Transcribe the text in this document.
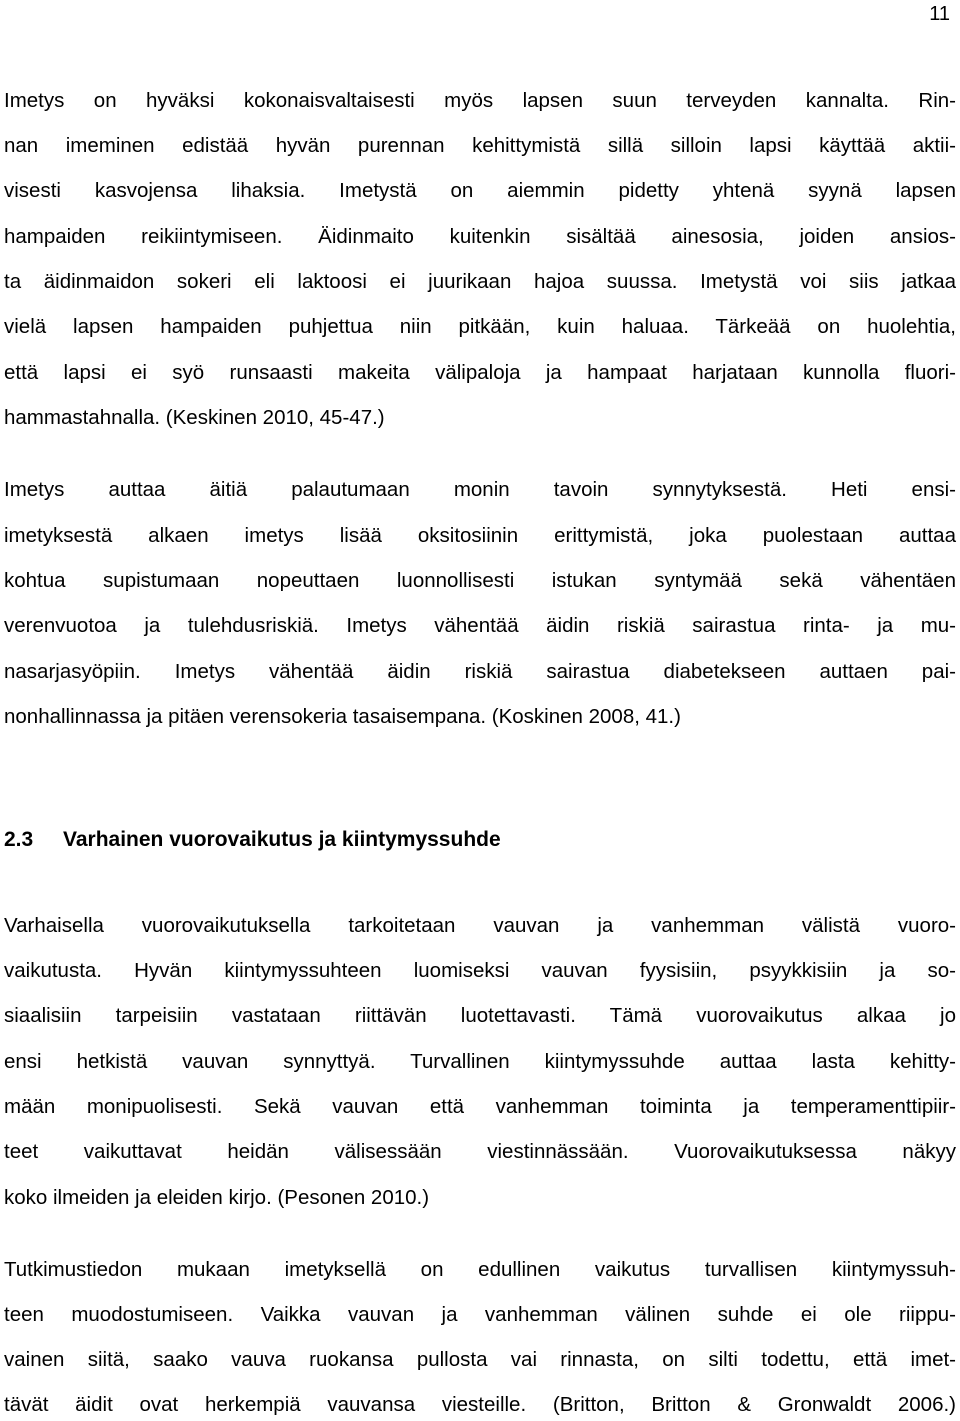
11
Imetys on hyväksi kokonaisvaltaisesti myös lapsen suun terveyden kannalta. Rin-
nan imeminen edistää hyvän purennan kehittymistä sillä silloin lapsi käyttää aktii-
visesti kasvojensa lihaksia. Imetystä on aiemmin pidetty yhtenä syynä lapsen
hampaiden reikiintymiseen. Äidinmaito kuitenkin sisältää ainesosia, joiden ansios-
ta äidinmaidon sokeri eli laktoosi ei juurikaan hajoa suussa. Imetystä voi siis jatkaa
vielä lapsen hampaiden puhjettua niin pitkään, kuin haluaa. Tärkeää on huolehtia,
että lapsi ei syö runsaasti makeita välipaloja ja hampaat harjataan kunnolla fluori-
hammastahnalla. (Keskinen 2010, 45-47.)
Imetys auttaa äitiä palautumaan monin tavoin synnytyksestä. Heti ensi-
imetyksestä alkaen imetys lisää oksitosiinin erittymistä, joka puolestaan auttaa
kohtua supistumaan nopeuttaen luonnollisesti istukan syntymää sekä vähentäen
verenvuotoa ja tulehdusriskiä. Imetys vähentää äidin riskiä sairastua rinta- ja mu-
nasarjasyöpiin. Imetys vähentää äidin riskiä sairastua diabetekseen auttaen pai-
nonhallinnassa ja pitäen verensokeria tasaisempana. (Koskinen 2008, 41.)
2.3 Varhainen vuorovaikutus ja kiintymyssuhde
Varhaisella vuorovaikutuksella tarkoitetaan vauvan ja vanhemman välistä vuoro-
vaikutusta. Hyvän kiintymyssuhteen luomiseksi vauvan fyysisiin, psyykkisiin ja so-
siaalisiin tarpeisiin vastataan riittävän luotettavasti. Tämä vuorovaikutus alkaa jo
ensi hetkistä vauvan synnyttyä. Turvallinen kiintymyssuhde auttaa lasta kehitty-
mään monipuolisesti. Sekä vauvan että vanhemman toiminta ja temperamenttipiir-
teet vaikuttavat heidän välisessään viestinnässään. Vuorovaikutuksessa näkyy
koko ilmeiden ja eleiden kirjo. (Pesonen 2010.)
Tutkimustiedon mukaan imetyksellä on edullinen vaikutus turvallisen kiintymyssuh-
teen muodostumiseen. Vaikka vauvan ja vanhemman välinen suhde ei ole riippu-
vainen siitä, saako vauva ruokansa pullosta vai rinnasta, on silti todettu, että imet-
tävät äidit ovat herkempiä vauvansa viesteille. (Britton, Britton & Gronwaldt 2006.)
